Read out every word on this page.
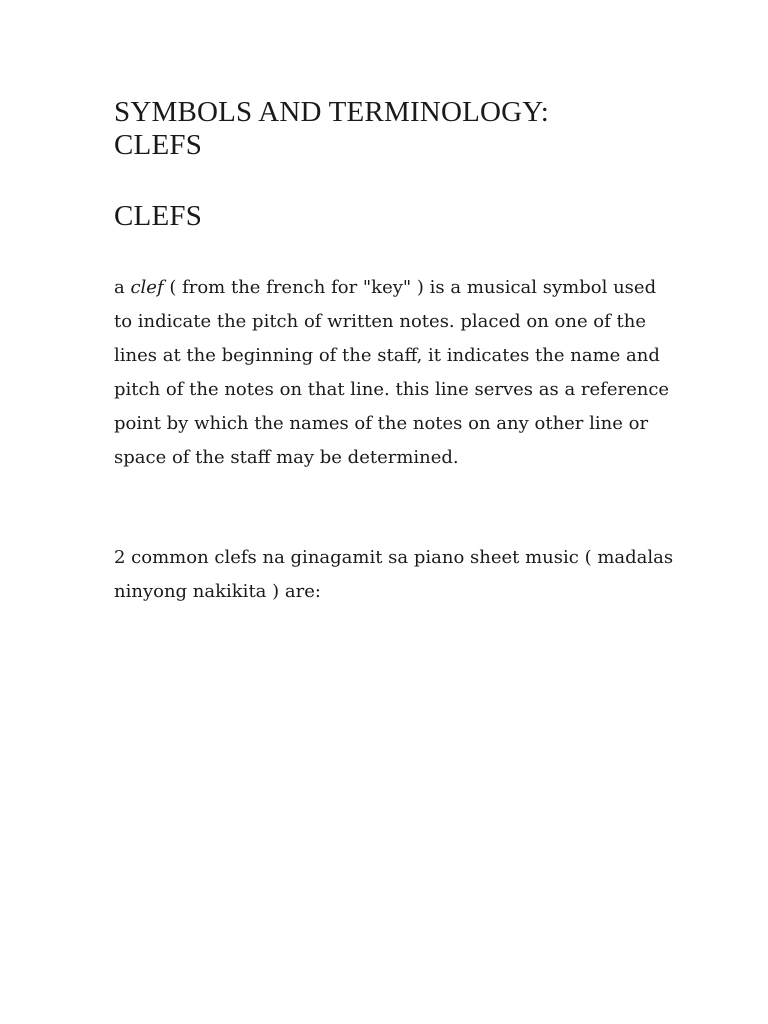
SYMBOLS AND TERMINOLOGY:
CLEFS
CLEFS

a clef ( from the french for "key" ) is a musical symbol used to indicate the pitch of written notes. placed on one of the lines at the beginning of the staff, it indicates the name and pitch of the notes on that line. this line serves as a reference point by which the names of the notes on any other line or space of the staff may be determined.

2 common clefs na ginagamit sa piano sheet music ( madalas ninyong nakikita ) are:
